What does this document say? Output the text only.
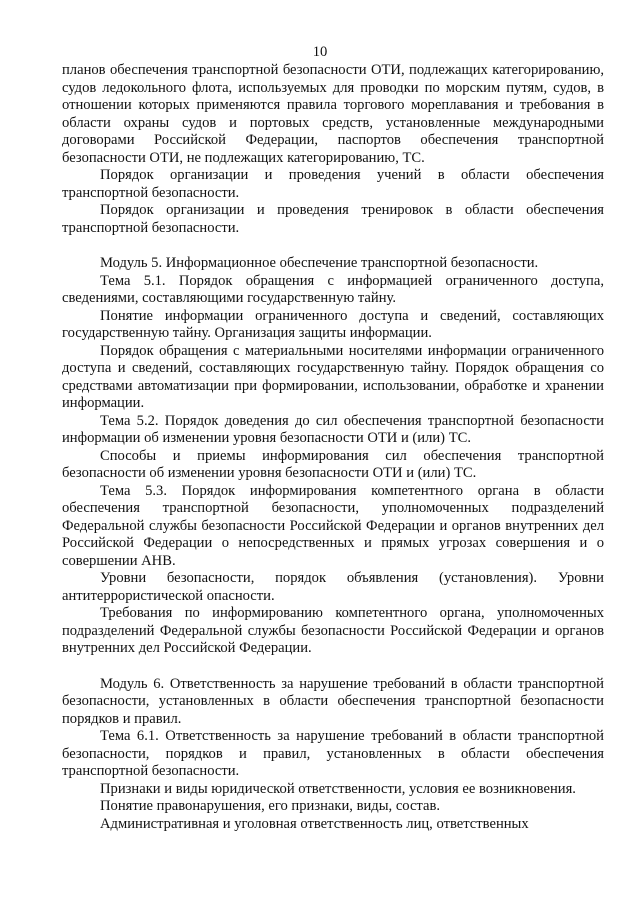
10

планов обеспечения транспортной безопасности ОТИ, подлежащих категорированию, судов ледокольного флота, используемых для проводки по морским путям, судов, в отношении которых применяются правила торгового мореплавания и требования в области охраны судов и портовых средств, установленные международными договорами Российской Федерации, паспортов обеспечения транспортной безопасности ОТИ, не подлежащих категорированию, ТС.

Порядок организации и проведения учений в области обеспечения транспортной безопасности.

Порядок организации и проведения тренировок в области обеспечения транспортной безопасности.

Модуль 5. Информационное обеспечение транспортной безопасности.

Тема 5.1. Порядок обращения с информацией ограниченного доступа, сведениями, составляющими государственную тайну.

Понятие информации ограниченного доступа и сведений, составляющих государственную тайну. Организация защиты информации.

Порядок обращения с материальными носителями информации ограниченного доступа и сведений, составляющих государственную тайну. Порядок обращения со средствами автоматизации при формировании, использовании, обработке и хранении информации.

Тема 5.2. Порядок доведения до сил обеспечения транспортной безопасности информации об изменении уровня безопасности ОТИ и (или) ТС.

Способы и приемы информирования сил обеспечения транспортной безопасности об изменении уровня безопасности ОТИ и (или) ТС.

Тема 5.3. Порядок информирования компетентного органа в области обеспечения транспортной безопасности, уполномоченных подразделений Федеральной службы безопасности Российской Федерации и органов внутренних дел Российской Федерации о непосредственных и прямых угрозах совершения и о совершении АНВ.

Уровни безопасности, порядок объявления (установления). Уровни антитеррористической опасности.

Требования по информированию компетентного органа, уполномоченных подразделений Федеральной службы безопасности Российской Федерации и органов внутренних дел Российской Федерации.

Модуль 6. Ответственность за нарушение требований в области транспортной безопасности, установленных в области обеспечения транспортной безопасности порядков и правил.

Тема 6.1. Ответственность за нарушение требований в области транспортной безопасности, порядков и правил, установленных в области обеспечения транспортной безопасности.

Признаки и виды юридической ответственности, условия ее возникновения.

Понятие правонарушения, его признаки, виды, состав.

Административная и уголовная ответственность лиц, ответственных
